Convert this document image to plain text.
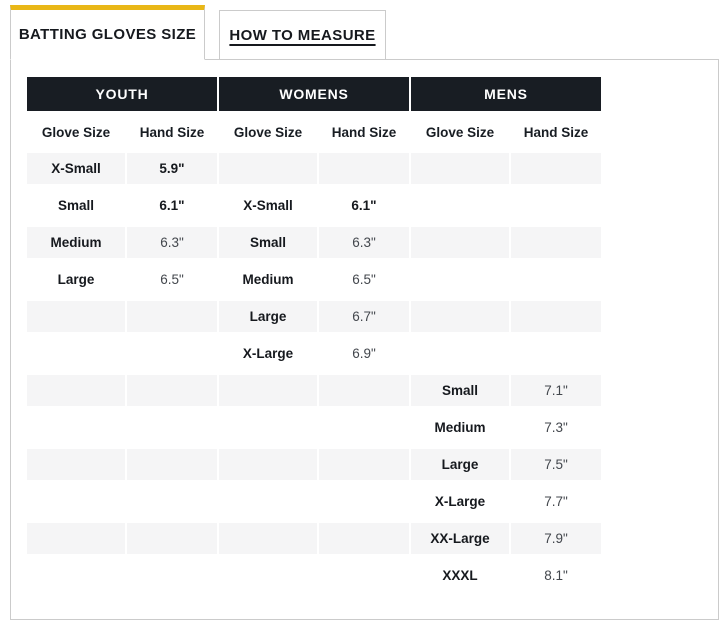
BATTING GLOVES SIZE HOW TO MEASURE
YOUTH		WOMENS		MENS	
Glove Size	Hand Size	Glove Size	Hand Size	Glove Size	Hand Size
X-Small	5.9"				
Small	6.1"	X-Small	6.1"		
Medium	6.3"	Small	6.3"		
Large	6.5"	Medium	6.5"		
		Large	6.7"		
		X-Large	6.9"		
				Small	7.1"
				Medium	7.3"
				Large	7.5"
				X-Large	7.7"
				XX-Large	7.9"
				XXXL	8.1"
